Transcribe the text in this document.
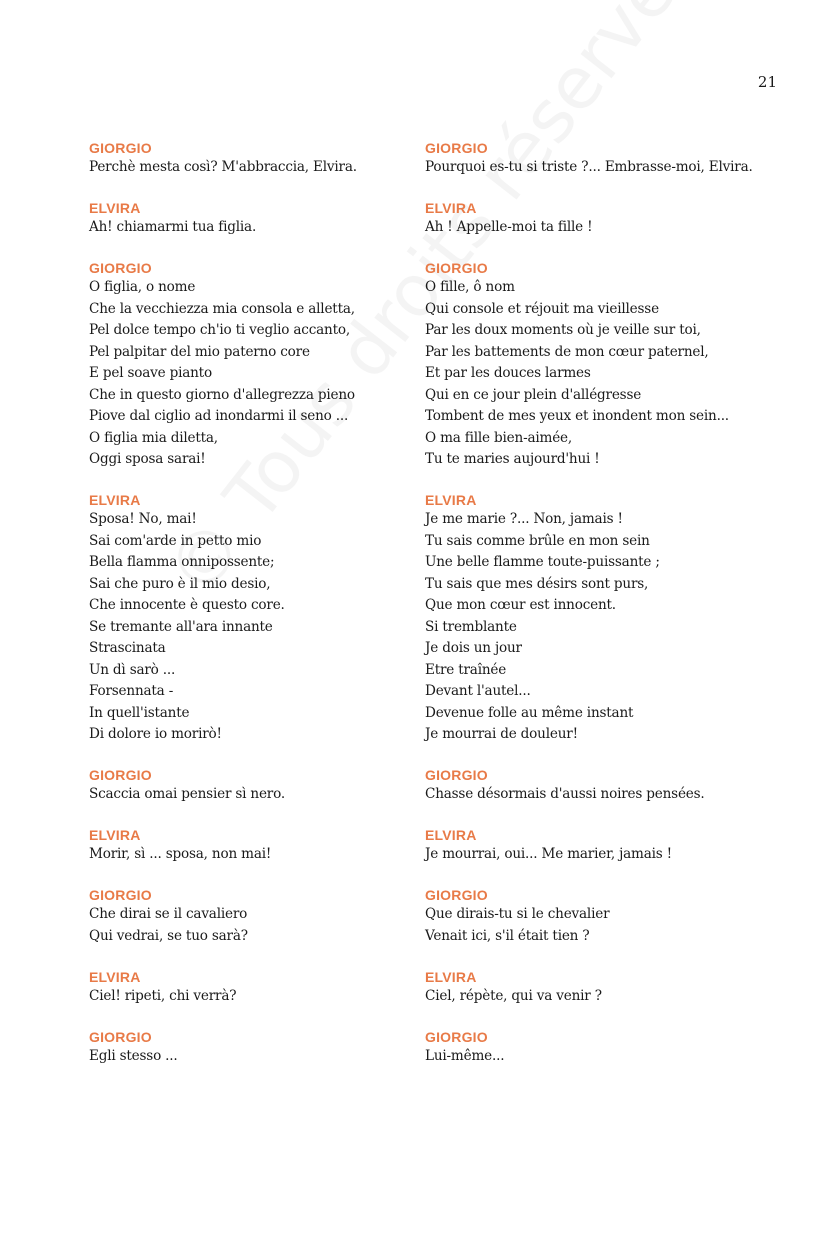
21
GIORGIO
Perchè mesta così? M'abbraccia, Elvira.
ELVIRA
Ah! chiamarmi tua figlia.
GIORGIO
O figlia, o nome
Che la vecchiezza mia consola e alletta,
Pel dolce tempo ch'io ti veglio accanto,
Pel palpitar del mio paterno core
E pel soave pianto
Che in questo giorno d'allegrezza pieno
Piove dal ciglio ad inondarmi il seno ...
O figlia mia diletta,
Oggi sposa sarai!
ELVIRA
Sposa! No, mai!
Sai com'arde in petto mio
Bella flamma onnipossente;
Sai che puro è il mio desio,
Che innocente è questo core.
Se tremante all'ara innante
Strascinata
Un dì sarò ...
Forsennata -
In quell'istante
Di dolore io morirò!
GIORGIO
Scaccia omai pensier sì nero.
ELVIRA
Morir, sì ... sposa, non mai!
GIORGIO
Che dirai se il cavaliero
Qui vedrai, se tuo sarà?
ELVIRA
Ciel! ripeti, chi verrà?
GIORGIO
Egli stesso ...
GIORGIO
Pourquoi es-tu si triste ?... Embrasse-moi, Elvira.
ELVIRA
Ah ! Appelle-moi ta fille !
GIORGIO
O fille, ô nom
Qui console et réjouit ma vieillesse
Par les doux moments où je veille sur toi,
Par les battements de mon cœur paternel,
Et par les douces larmes
Qui en ce jour plein d'allégresse
Tombent de mes yeux et inondent mon sein...
O ma fille bien-aimée,
Tu te maries aujourd'hui !
ELVIRA
Je me marie ?... Non, jamais !
Tu sais comme brûle en mon sein
Une belle flamme toute-puissante ;
Tu sais que mes désirs sont purs,
Que mon cœur est innocent.
Si tremblante
Je dois un jour
Etre traînée
Devant l'autel...
Devenue folle au même instant
Je mourrai de douleur!
GIORGIO
Chasse désormais d'aussi noires pensées.
ELVIRA
Je mourrai, oui... Me marier, jamais !
GIORGIO
Que dirais-tu si le chevalier
Venait ici, s'il était tien ?
ELVIRA
Ciel, répète, qui va venir ?
GIORGIO
Lui-même...
